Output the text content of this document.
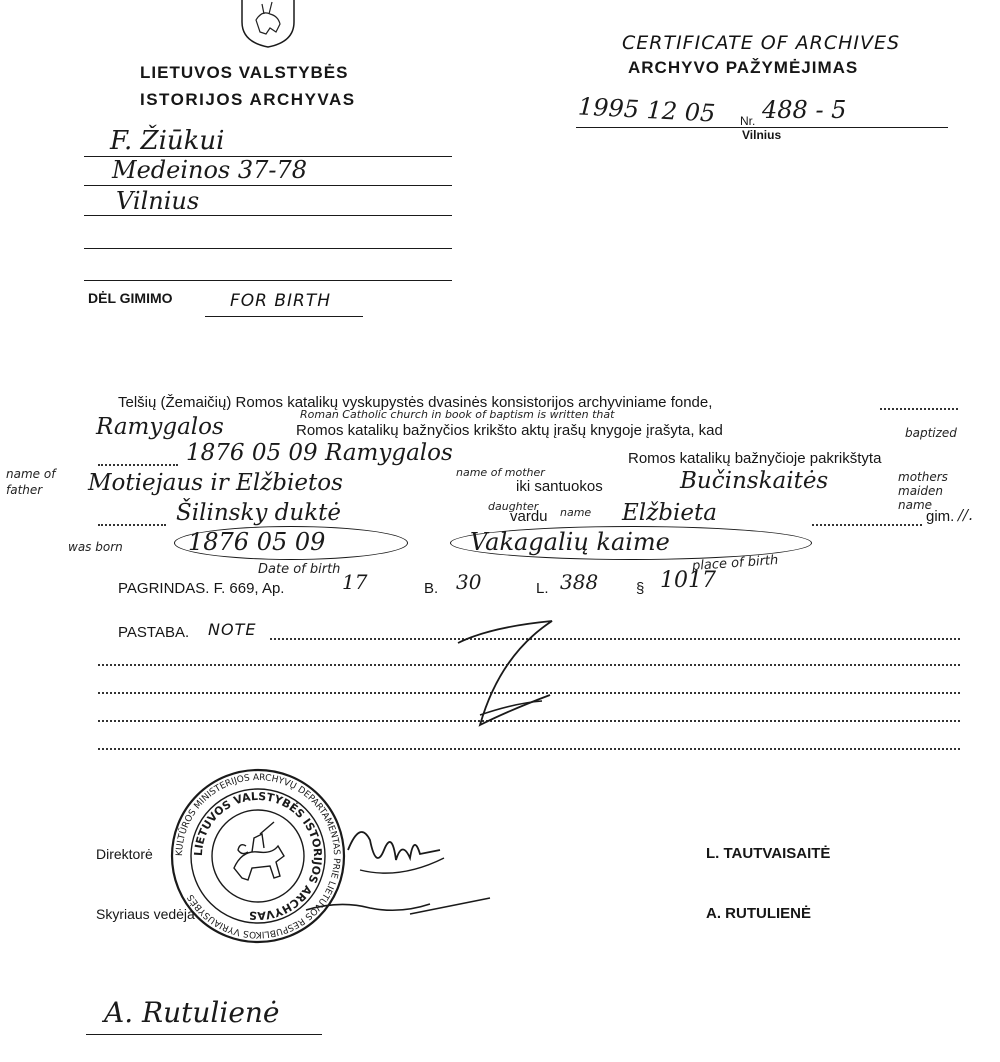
LIETUVOS VALSTYBĖS
ISTORIJOS ARCHYVAS
CERTIFICATE OF ARCHIVES
ARCHYVO PAŽYMĖJIMAS
1995 12 05 Nr. 488 - 5
Vilnius
F. Žiūkui
Medeinos 37-78
Vilnius
DĖL GIMIMO	FOR BIRTH
Telšių (Žemaičių) Romos katalikų vyskupystės dvasinės konsistorijos archyviniame fonde,
Roman Catholic church in book of baptism is written that
Ramygalos	Romos katalikų bažnyčios krikšto aktų įrašų knygoje įrašyta, kad
1876 05 09 Ramygalos	Romos katalikų bažnyčioje pakrikštyta
baptized
name of father	Motiejaus ir Elžbietos	name of mother
iki santuokos	Bučinskaitės	mothers maiden name
Šilinsky duktė	daughter
vardu name Elžbieta	gim. //.
was born	1876 05 09	Vakagalių kaime
Date of birth	place of birth
PAGRINDAS. F. 669, Ap.	17	B. 30	L. 388	§ 1017
PASTABA. NOTE
KULTŪROS MINISTERIJOS ARCHYVŲ DEPARTAMENTAS PRIE LIETUVOS RESPUBLIKOS VYRIAUSYBĖS
LIETUVOS VALSTYBĖS ISTORIJOS ARCHYVAS
Direktorė	L. TAUTVAISAITĖ
Skyriaus vedėja	A. RUTULIENĖ
A. Rutulienė
